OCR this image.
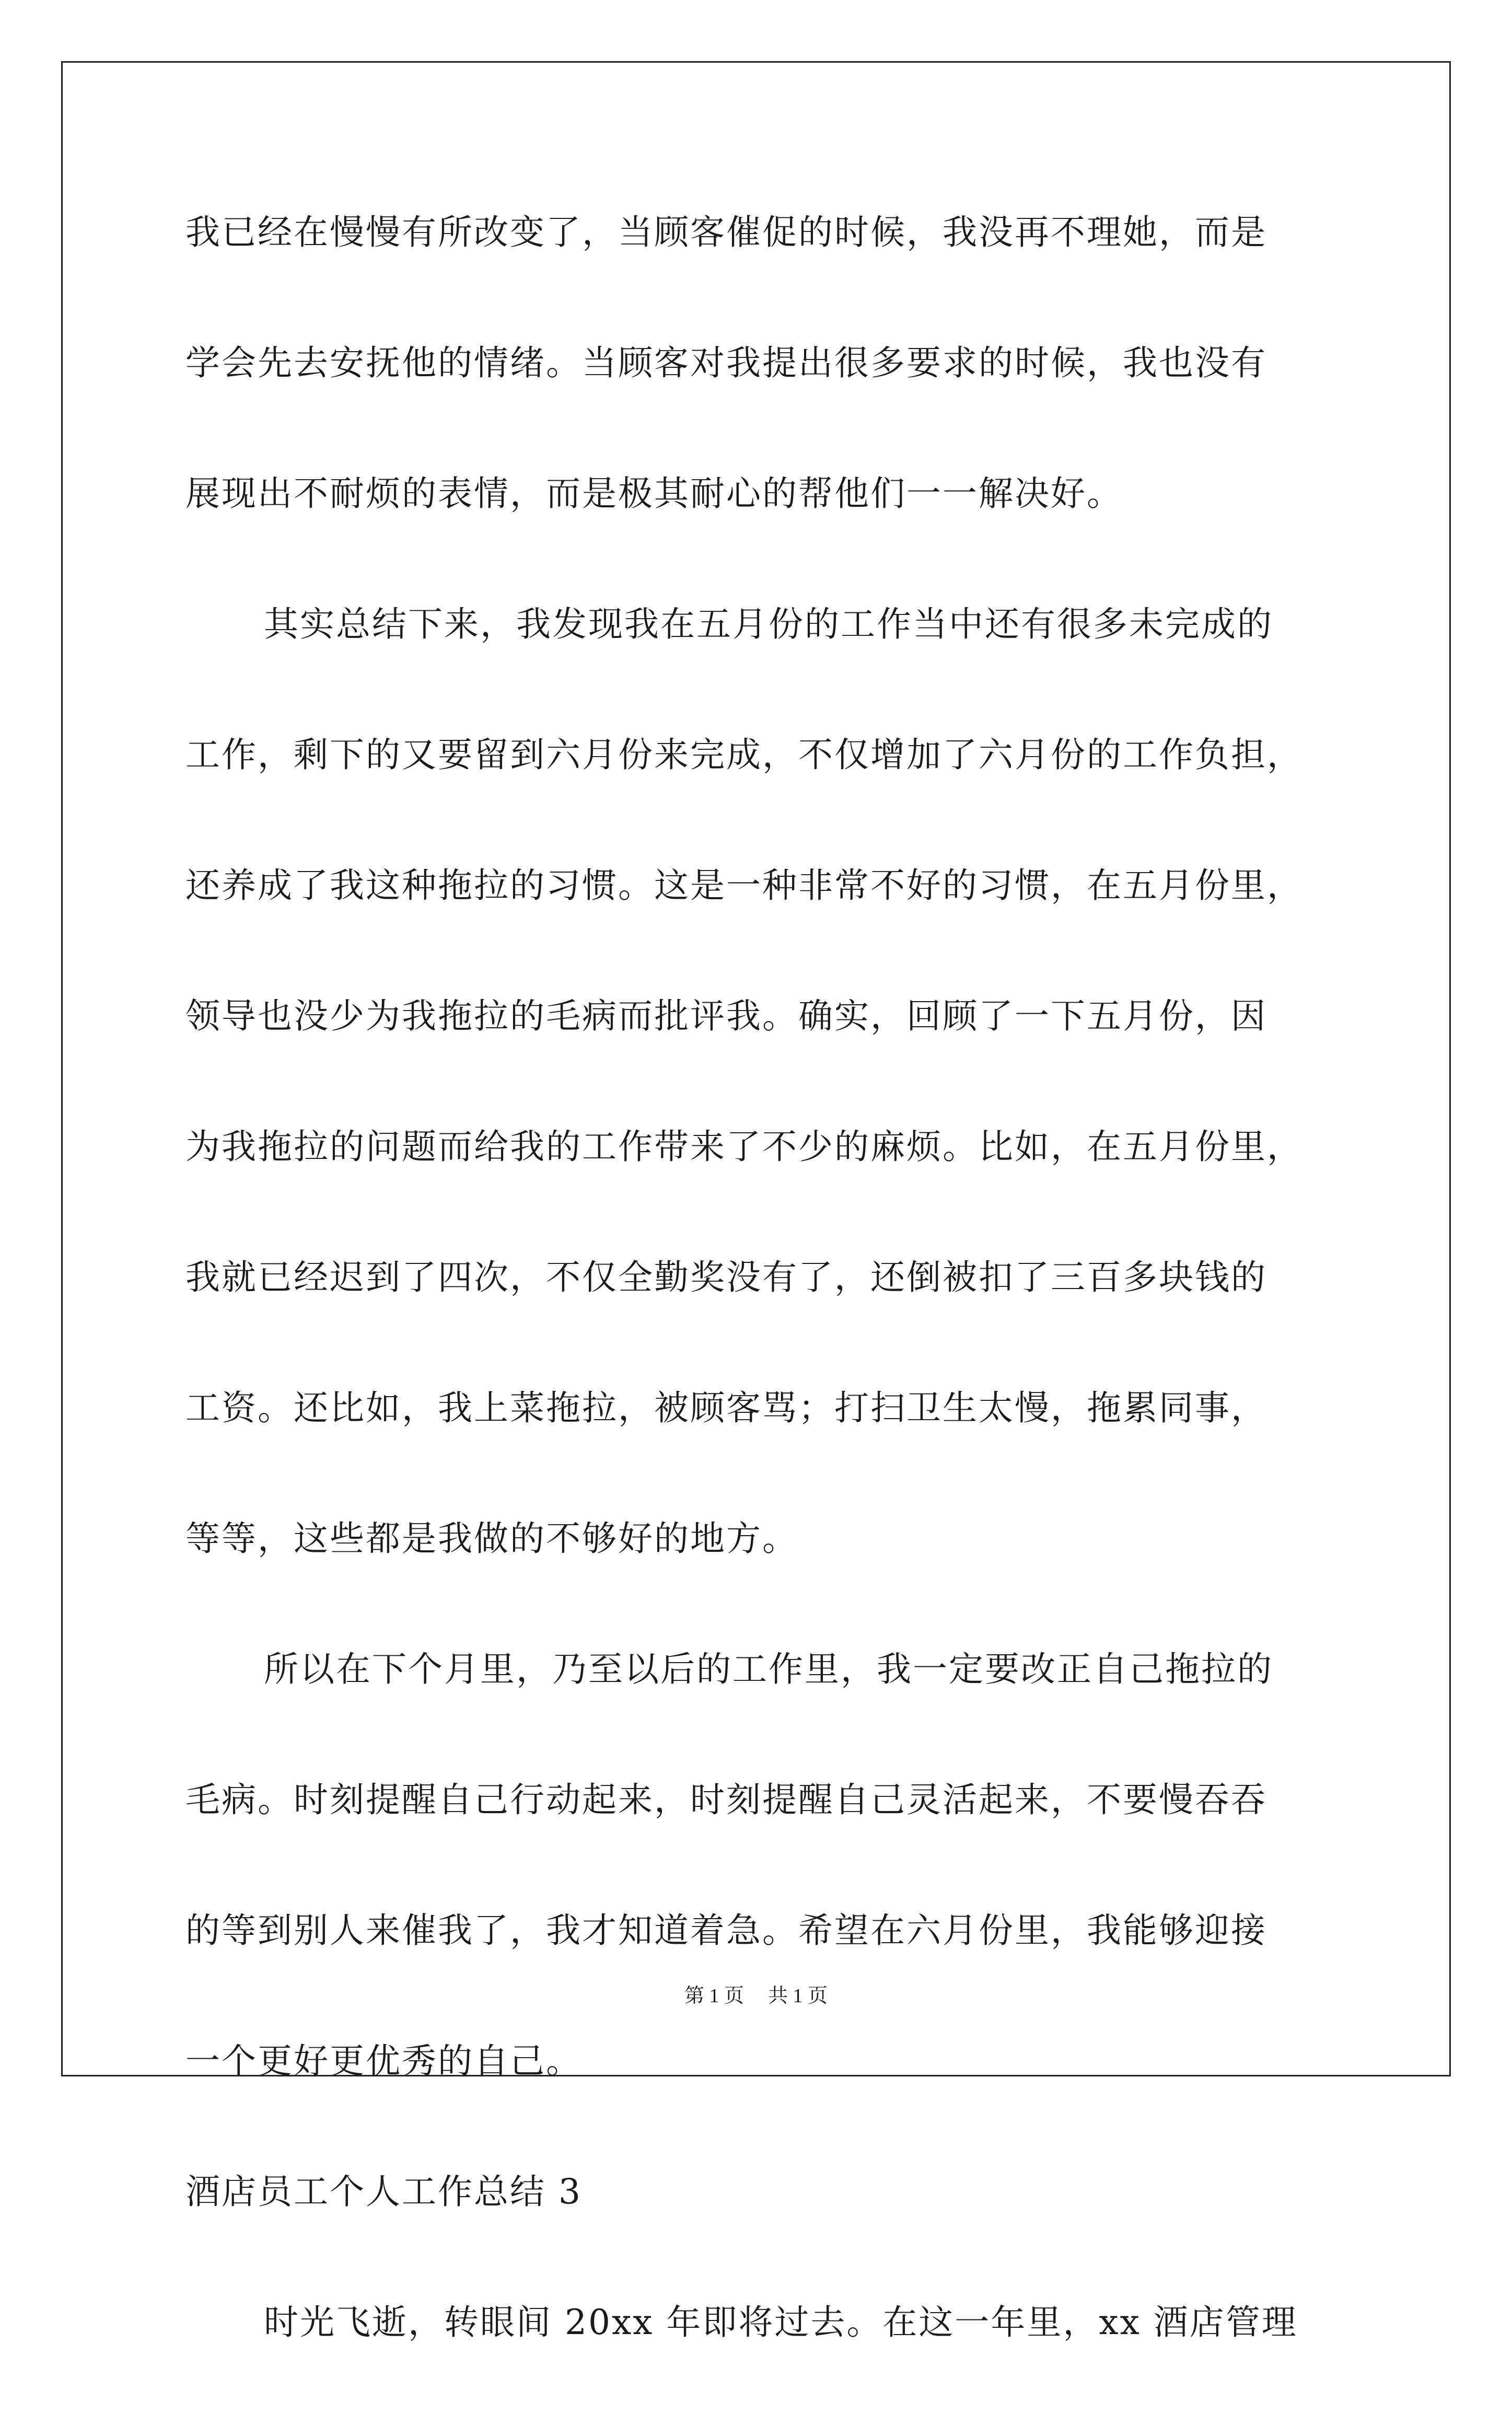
我已经在慢慢有所改变了，当顾客催促的时候，我没再不理她，而是
学会先去安抚他的情绪。当顾客对我提出很多要求的时候，我也没有
展现出不耐烦的表情，而是极其耐心的帮他们一一解决好。
其实总结下来，我发现我在五月份的工作当中还有很多未完成的
工作，剩下的又要留到六月份来完成，不仅增加了六月份的工作负担，
还养成了我这种拖拉的习惯。这是一种非常不好的习惯，在五月份里，
领导也没少为我拖拉的毛病而批评我。确实，回顾了一下五月份，因
为我拖拉的问题而给我的工作带来了不少的麻烦。比如，在五月份里，
我就已经迟到了四次，不仅全勤奖没有了，还倒被扣了三百多块钱的
工资。还比如，我上菜拖拉，被顾客骂；打扫卫生太慢，拖累同事，
等等，这些都是我做的不够好的地方。
所以在下个月里，乃至以后的工作里，我一定要改正自己拖拉的
毛病。时刻提醒自己行动起来，时刻提醒自己灵活起来，不要慢吞吞
的等到别人来催我了，我才知道着急。希望在六月份里，我能够迎接
一个更好更优秀的自己。
酒店员工个人工作总结 3
时光飞逝，转眼间 20xx 年即将过去。在这一年里，xx 酒店管理
第 1 页 共 1 页
